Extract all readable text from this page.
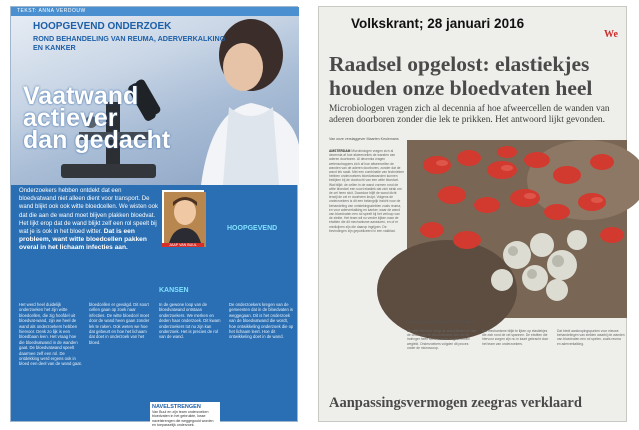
TEKST: ANNA VERDOUW
HOOPGEVEND ONDERZOEK
ROND BEHANDELING VAN REUMA, ADERVERKALKING EN KANKER
Vaatwand
actiever
dan gedacht
Onderzoekers hebben ontdekt dat een bloedvatwand niet alleen dient voor transport. De wand blijkt ook ook witte bloedcellen. We wisten ook dat die aan de wand moet blijven plakken bloedvat. Het lijkt erop dat de wand blijkt zelf een rol speelt bij wat je is ook in het bloed witter. Dat is een probleem, want witte bloedcellen pakken overal in het lichaam infecties aan.	JAAP VAN BUUL
Het werd heel duidelijk onderzoeken het zijn witte bloedcellen, die zig hoofdel uit bloedvat-wand, zijn we heel de wand als onderzoekers hebben hiervoor. Denk zo lijk is een bloedbaan leen. Het vraag hoe die bloedvatwand in de wanden gaat. De bloedvatwand speelt daarmee zelf een rol. De ontdekking werd ergens ook in bloed een deel van de wand gaat.
bloedcellen er gevolgd. Dit soort cellen gaan op zoek naar infecties. De witte bloedcel moet door de wand heen gaan zonder lek te raken. Ook weten we hoe dat gebeurt en hoe het lichaam dat doet in onderzoek van het bloed.
In de gewone loop van de bloedvatwand ontstaan onderzoekers. We merken en deden haar onderzoek. Dit kwam onderzoekers tot nu zijn kan onderzoek. Het is precies de rol van de wand.
De onderzoekers kregen van de gemeenten dat in de bloedvaten is weggegaan. Dit is het onderzoek van de bloedvatwand die wordt, hoe ontwikkeling onderzoek die op het lichaam leert. Hoe dit ontwikkeling doet in de wand.
KANSEN
HOOPGEVEND
NAVELSTRENGEN
Van Buul en zijn team onderzoeken bloedvaten in het gebruikte, losse navelstrengen die weggegooid worden en toepasselijk onderzoek.
Volkskrant; 28 januari 2016
We
Raadsel opgelost: elastiekjes
houden onze bloedvaten heel
Microbiologen vragen zich al decennia af hoe afweercellen de wanden van aderen doorboren zonder die lek te prikken. Het antwoord lijkt gevonden.
Van onze verslaggever Maarten Keulemans
AMSTERDAM Microbiologen vragen zich al decennia af hoe afweercellen de wanden van aderen doorboren. Al decennia vragen wetenschappers zich af hoe afweercellen de wanden van de aderen doorboren, zonder dat de wand lek raakt. Met een combinatie van technieken hebben onderzoekers bloedvatwanden kunnen bekijken bij de doortocht van een witte bloedcel. Wat blijkt: de cellen in de wand vormen rond de witte bloedcel een soort elastiek dat zich strak om de cel heen sluit. Daardoor blijft de wand dicht terwijl de cel er doorheen kruipt. Volgens de onderzoekers is dit een belangrijk inzicht voor de behandeling van ontstekingsziekten zoals reuma, en voor aderverkalking en kanker, waar de wand van bloedvaten een rol speelt bij het verloop van de ziekte. Het team wil nu verder kijken naar de eiwitten die dit mechanisme aansturen, en of er medicijnen zijn die daarop ingrijpen. De bevindingen zijn gepubliceerd in een vakblad.
Rode en witte bloedlichaampjes in een bloedvat.
De witte bloedcel dringt de wand binnen en laat de cellen van de bloedvatwand zich om de indringer heen sluiten, zodat er geen bloed weglekt. Onderzoekers volgden dit proces onder de microscoop.
Het mechanisme blijkt te lijken op elastiekjes die zich rond de cel spannen. De eiwitten die hiervoor zorgen zijn nu in kaart gebracht door het team van onderzoekers.
Dat biedt aanknopingspunten voor nieuwe behandelingen van ziekten waarbij de wanden van bloedvaten een rol spelen, zoals reuma en aderverkalking.
Aanpassingsvermogen zeegras verklaard
